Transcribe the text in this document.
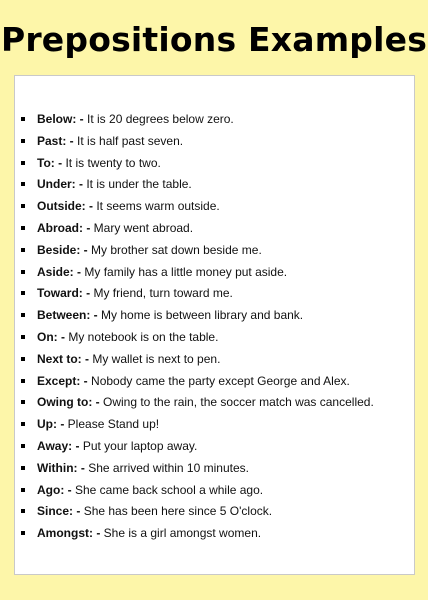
Prepositions Examples
Below: - It is 20 degrees below zero.
Past: - It is half past seven.
To: - It is twenty to two.
Under: - It is under the table.
Outside: - It seems warm outside.
Abroad: - Mary went abroad.
Beside: - My brother sat down beside me.
Aside: - My family has a little money put aside.
Toward: - My friend, turn toward me.
Between: - My home is between library and bank.
On: - My notebook is on the table.
Next to: - My wallet is next to pen.
Except: - Nobody came the party except George and Alex.
Owing to: - Owing to the rain, the soccer match was cancelled.
Up: - Please Stand up!
Away: - Put your laptop away.
Within: - She arrived within 10 minutes.
Ago: - She came back school a while ago.
Since: - She has been here since 5 O'clock.
Amongst: - She is a girl amongst women.
